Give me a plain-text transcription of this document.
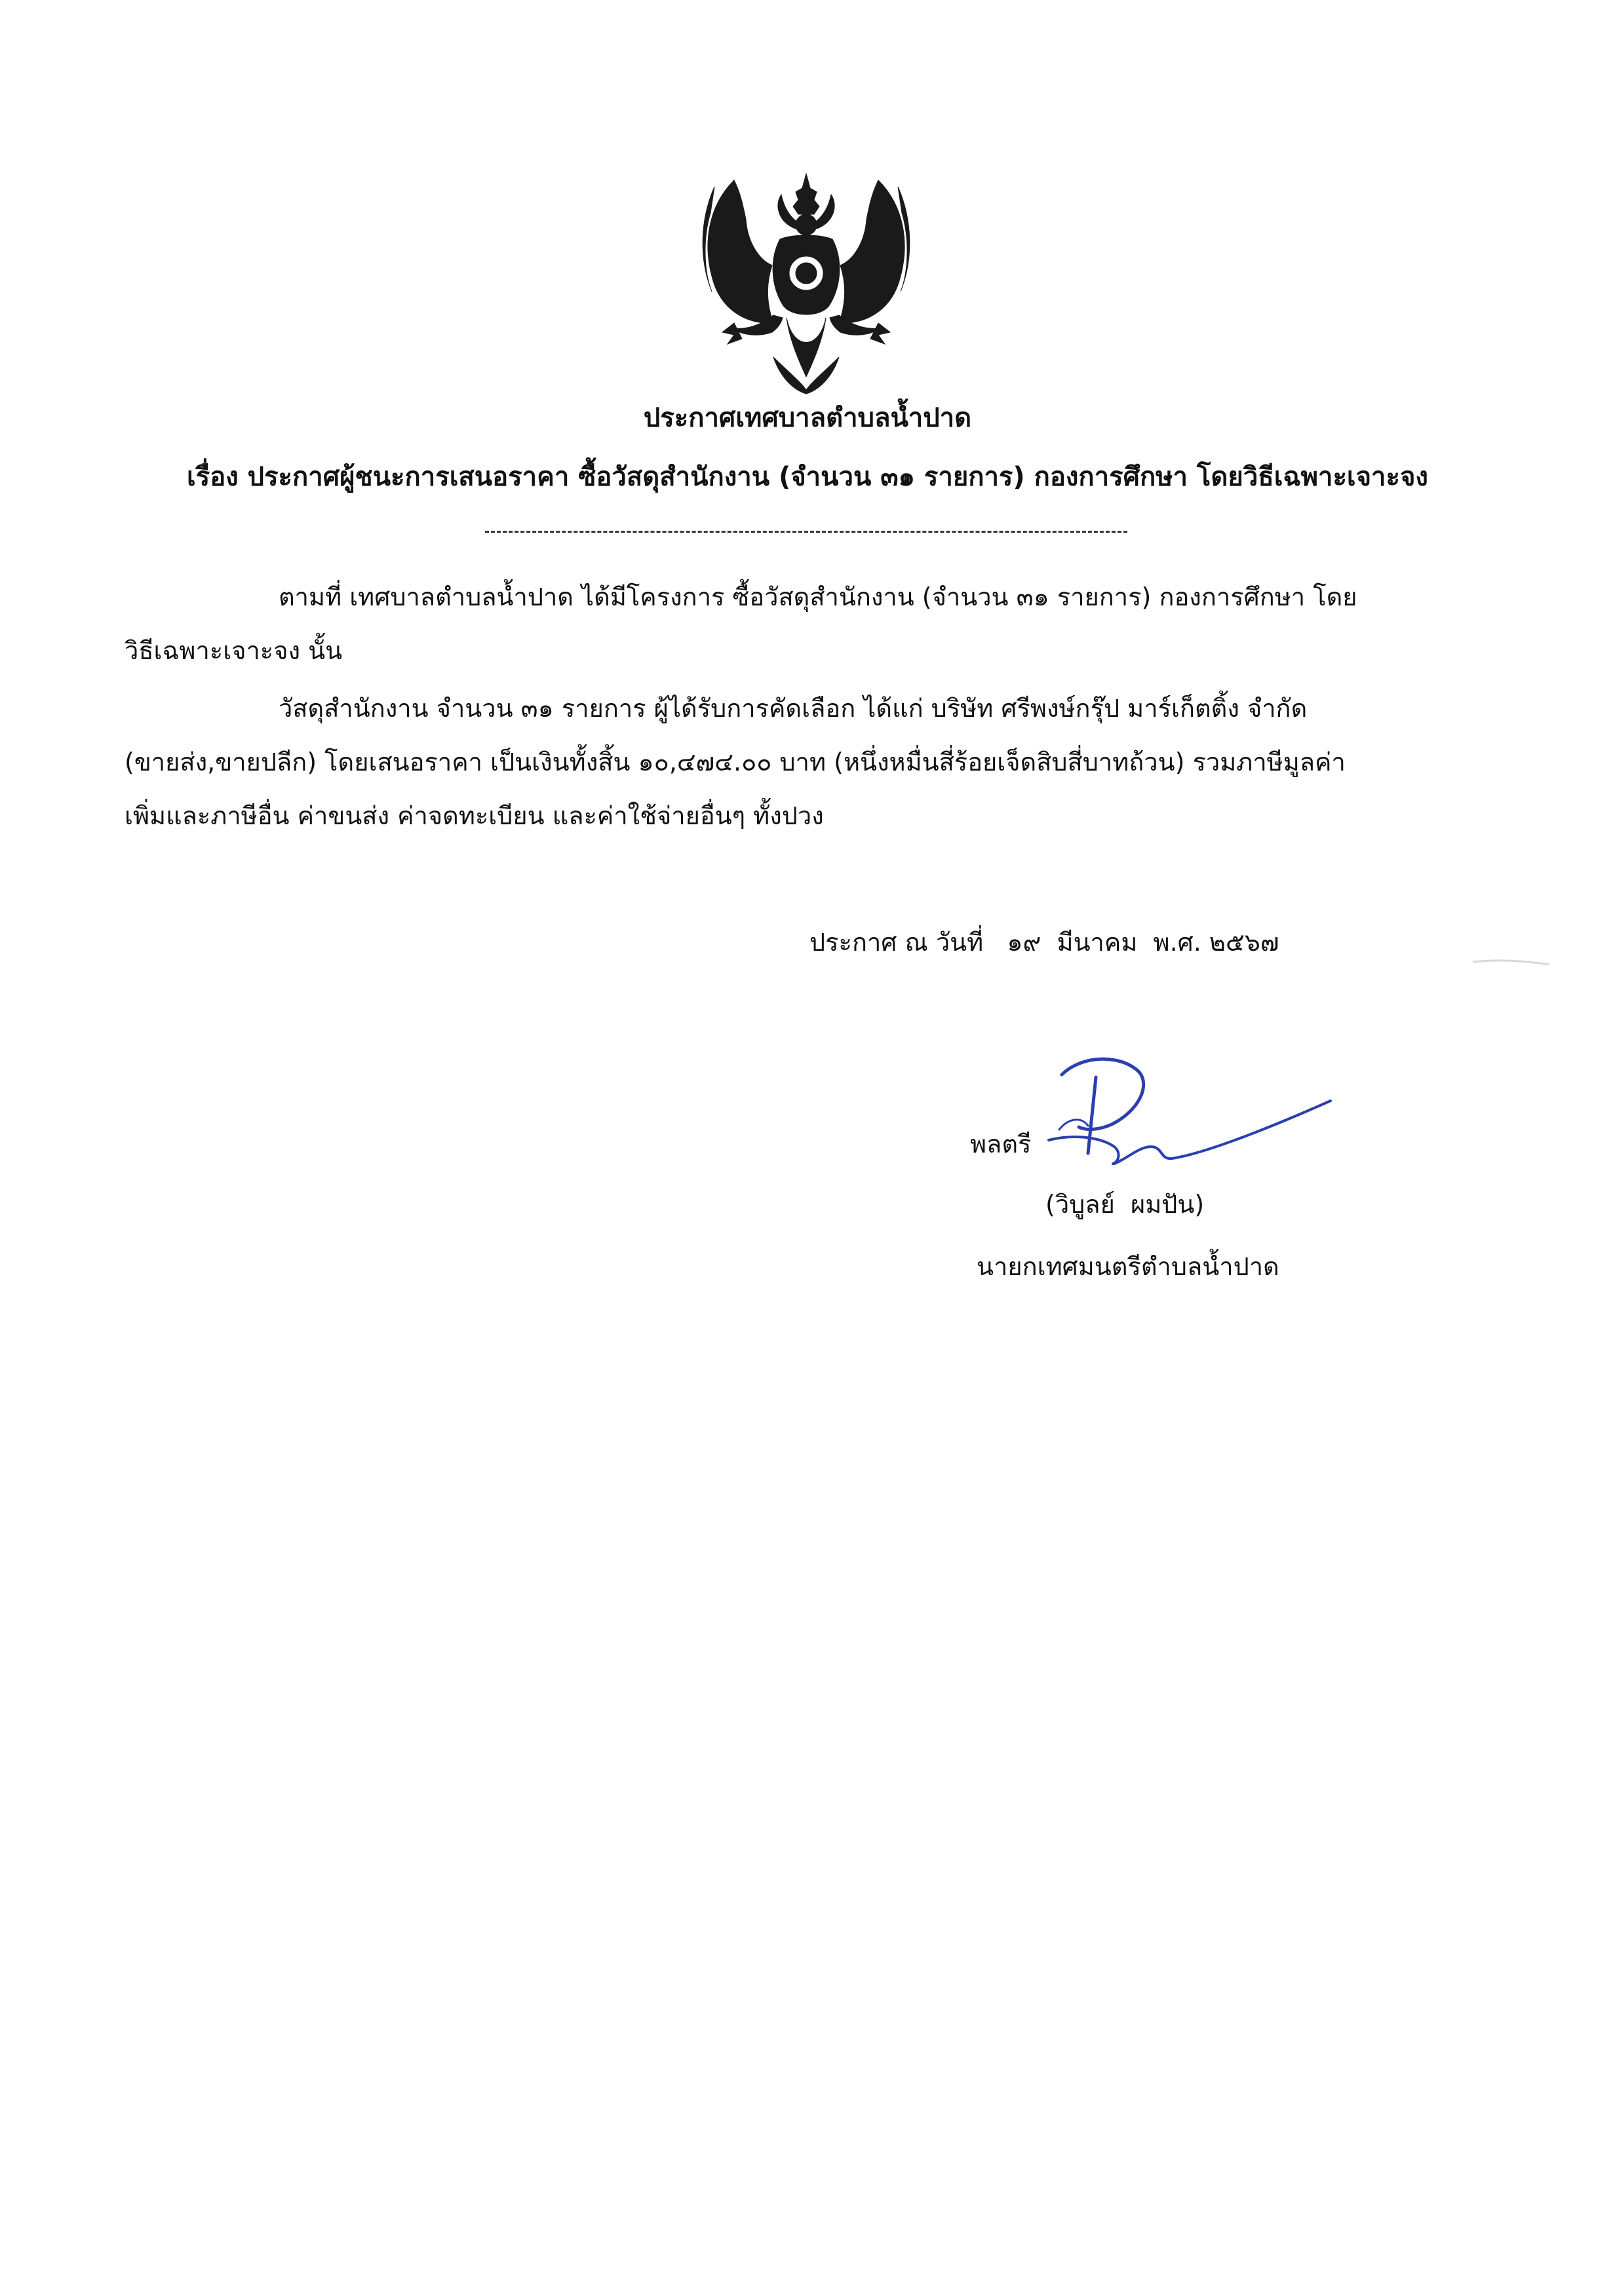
ประกาศเทศบาลตำบลน้ำปาด
เรื่อง ประกาศผู้ชนะการเสนอราคา ซื้อวัสดุสำนักงาน (จำนวน ๓๑ รายการ) กองการศึกษา โดยวิธีเฉพาะเจาะจง
ตามที่ เทศบาลตำบลน้ำปาด ได้มีโครงการ ซื้อวัสดุสำนักงาน (จำนวน ๓๑ รายการ) กองการศึกษา โดย
วิธีเฉพาะเจาะจง นั้น
วัสดุสำนักงาน จำนวน ๓๑ รายการ ผู้ได้รับการคัดเลือก ได้แก่ บริษัท ศรีพงษ์กรุ๊ป มาร์เก็ตติ้ง จำกัด
(ขายส่ง,ขายปลีก) โดยเสนอราคา เป็นเงินทั้งสิ้น ๑๐,๔๗๔.๐๐ บาท (หนึ่งหมื่นสี่ร้อยเจ็ดสิบสี่บาทถ้วน) รวมภาษีมูลค่า
เพิ่มและภาษีอื่น ค่าขนส่ง ค่าจดทะเบียน และค่าใช้จ่ายอื่นๆ ทั้งปวง
ประกาศ ณ วันที่   ๑๙  มีนาคม  พ.ศ. ๒๕๖๗
พลตรี
(วิบูลย์  ผมปัน)
นายกเทศมนตรีตำบลน้ำปาด
